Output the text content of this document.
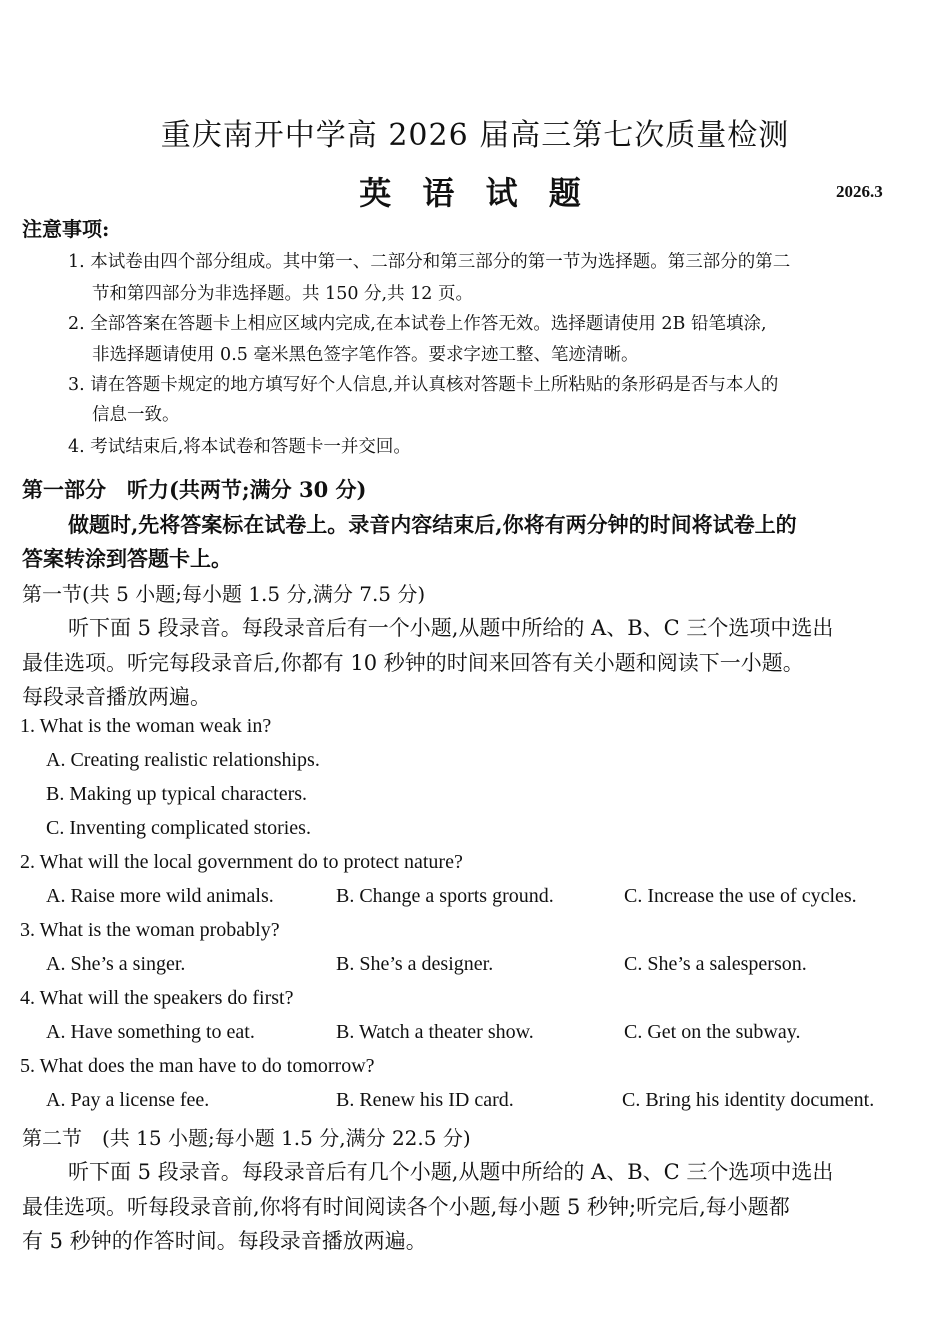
重庆南开中学高 2026 届高三第七次质量检测
英 语 试 题	2026.3
注意事项:
1. 本试卷由四个部分组成。其中第一、二部分和第三部分的第一节为选择题。第三部分的第二
节和第四部分为非选择题。共 150 分,共 12 页。
2. 全部答案在答题卡上相应区域内完成,在本试卷上作答无效。选择题请使用 2B 铅笔填涂,
非选择题请使用 0.5 毫米黑色签字笔作答。要求字迹工整、笔迹清晰。
3. 请在答题卡规定的地方填写好个人信息,并认真核对答题卡上所粘贴的条形码是否与本人的
信息一致。
4. 考试结束后,将本试卷和答题卡一并交回。
第一部分　听力(共两节;满分 30 分)
做题时,先将答案标在试卷上。录音内容结束后,你将有两分钟的时间将试卷上的
答案转涂到答题卡上。
第一节(共 5 小题;每小题 1.5 分,满分 7.5 分)
听下面 5 段录音。每段录音后有一个小题,从题中所给的 A、B、C 三个选项中选出
最佳选项。听完每段录音后,你都有 10 秒钟的时间来回答有关小题和阅读下一小题。
每段录音播放两遍。
1. What is the woman weak in?
A. Creating realistic relationships.
B. Making up typical characters.
C. Inventing complicated stories.
2. What will the local government do to protect nature?
A. Raise more wild animals.	B. Change a sports ground.	C. Increase the use of cycles.
3. What is the woman probably?
A. She’s a singer.	B. She’s a designer.	C. She’s a salesperson.
4. What will the speakers do first?
A. Have something to eat.	B. Watch a theater show.	C. Get on the subway.
5. What does the man have to do tomorrow?
A. Pay a license fee.	B. Renew his ID card.	C. Bring his identity document.
第二节　(共 15 小题;每小题 1.5 分,满分 22.5 分)
听下面 5 段录音。每段录音后有几个小题,从题中所给的 A、B、C 三个选项中选出
最佳选项。听每段录音前,你将有时间阅读各个小题,每小题 5 秒钟;听完后,每小题都
有 5 秒钟的作答时间。每段录音播放两遍。
